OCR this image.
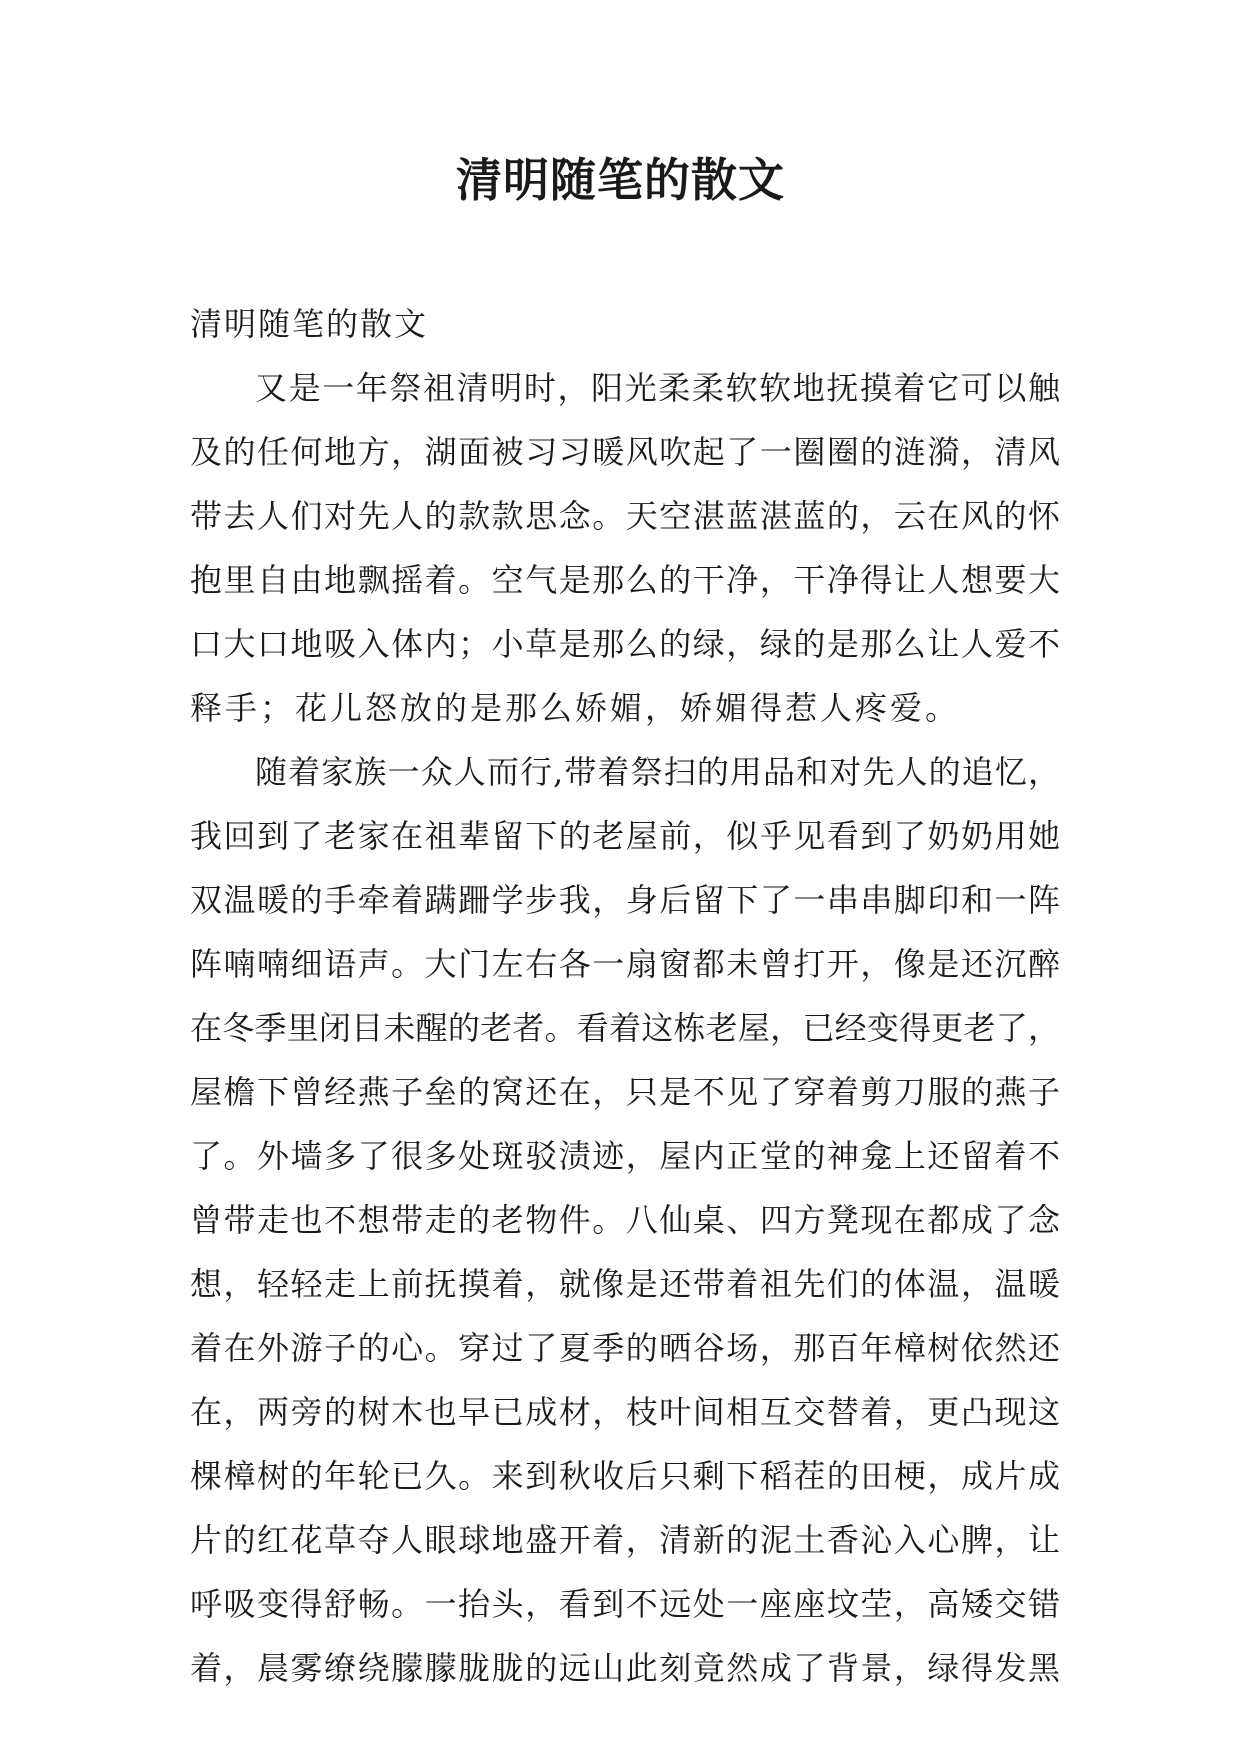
清明随笔的散文
清明随笔的散文
又是一年祭祖清明时，阳光柔柔软软地抚摸着它可以触
及的任何地方，湖面被习习暖风吹起了一圈圈的涟漪，清风
带去人们对先人的款款思念。天空湛蓝湛蓝的，云在风的怀
抱里自由地飘摇着。空气是那么的干净，干净得让人想要大
口大口地吸入体内；小草是那么的绿，绿的是那么让人爱不
释手；花儿怒放的是那么娇媚，娇媚得惹人疼爱。
随着家族一众人而行,带着祭扫的用品和对先人的追忆，
我回到了老家在祖辈留下的老屋前，似乎见看到了奶奶用她
双温暖的手牵着蹒跚学步我，身后留下了一串串脚印和一阵
阵喃喃细语声。大门左右各一扇窗都未曾打开，像是还沉醉
在冬季里闭目未醒的老者。看着这栋老屋，已经变得更老了，
屋檐下曾经燕子垒的窝还在，只是不见了穿着剪刀服的燕子
了。外墙多了很多处斑驳渍迹，屋内正堂的神龛上还留着不
曾带走也不想带走的老物件。八仙桌、四方凳现在都成了念
想，轻轻走上前抚摸着，就像是还带着祖先们的体温，温暖
着在外游子的心。穿过了夏季的晒谷场，那百年樟树依然还
在，两旁的树木也早已成材，枝叶间相互交替着，更凸现这
棵樟树的年轮已久。来到秋收后只剩下稻茬的田梗，成片成
片的红花草夺人眼球地盛开着，清新的泥土香沁入心脾，让
呼吸变得舒畅。一抬头，看到不远处一座座坟茔，高矮交错
着，晨雾缭绕朦朦胧胧的远山此刻竟然成了背景，绿得发黑
